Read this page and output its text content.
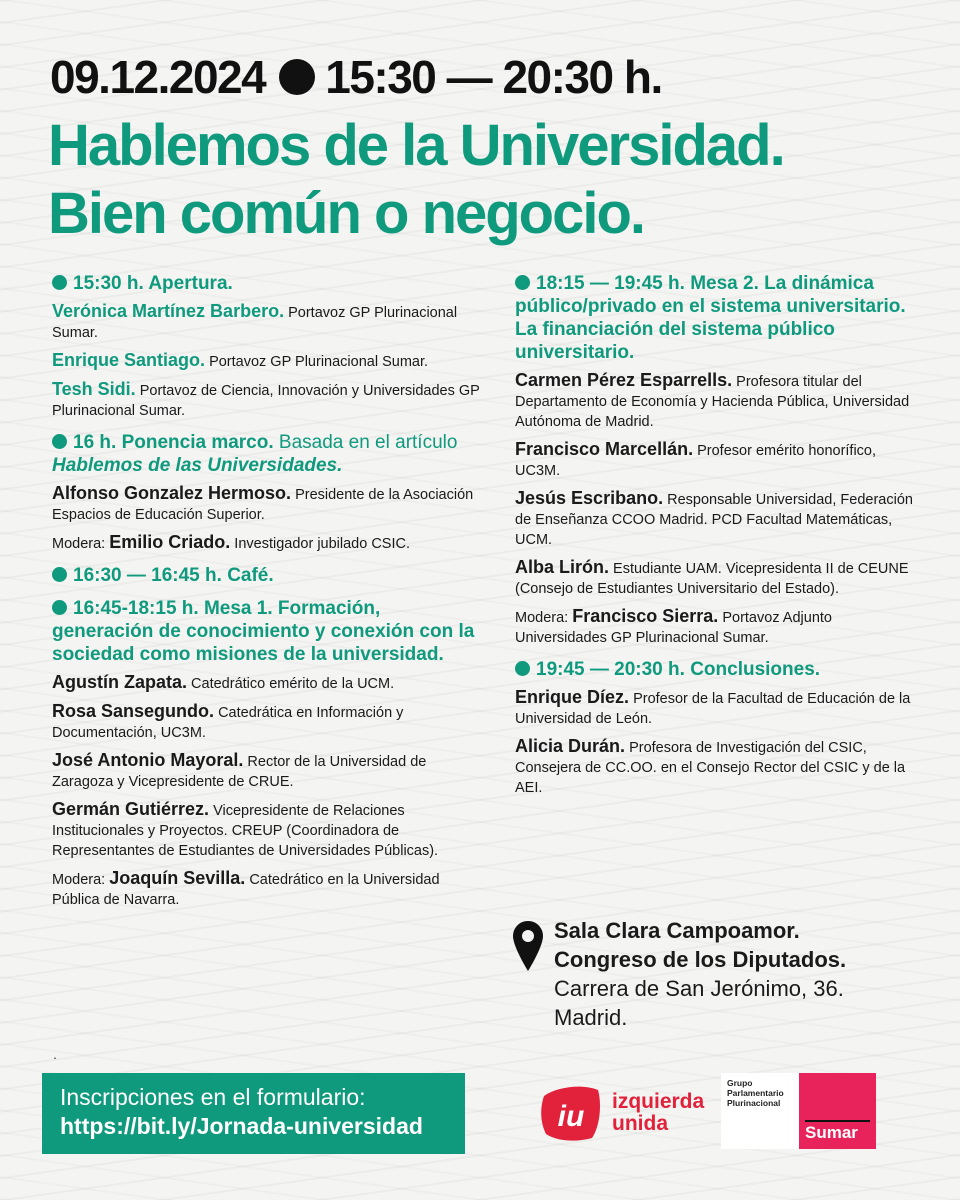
09.12.2024 15:30 — 20:30 h.
Hablemos de la Universidad.
Bien común o negocio.
15:30 h. Apertura.

Verónica Martínez Barbero. Portavoz GP Plurinacional Sumar.

Enrique Santiago. Portavoz GP Plurinacional Sumar.

Tesh Sidi. Portavoz de Ciencia, Innovación y Universidades GP Plurinacional Sumar.

16 h. Ponencia marco. Basada en el artículo Hablemos de las Universidades.

Alfonso Gonzalez Hermoso. Presidente de la Asociación Espacios de Educación Superior.

Modera: Emilio Criado. Investigador jubilado CSIC.

16:30 — 16:45 h. Café.
16:45-18:15 h. Mesa 1. Formación, generación de conocimiento y conexión con la sociedad como misiones de la universidad.

Agustín Zapata. Catedrático emérito de la UCM.

Rosa Sansegundo. Catedrática en Información y Documentación, UC3M.

José Antonio Mayoral. Rector de la Universidad de Zaragoza y Vicepresidente de CRUE.

Germán Gutiérrez. Vicepresidente de Relaciones Institucionales y Proyectos. CREUP (Coordinadora de Representantes de Estudiantes de Universidades Públicas).

Modera: Joaquín Sevilla. Catedrático en la Universidad Pública de Navarra.

.
18:15 — 19:45 h. Mesa 2. La dinámica público/privado en el sistema universitario. La financiación del sistema público universitario.

Carmen Pérez Esparrells. Profesora titular del Departamento de Economía y Hacienda Pública, Universidad Autónoma de Madrid.

Francisco Marcellán. Profesor emérito honorífico, UC3M.

Jesús Escribano. Responsable Universidad, Federación de Enseñanza CCOO Madrid. PCD Facultad Matemáticas, UCM.

Alba Lirón. Estudiante UAM. Vicepresidenta II de CEUNE (Consejo de Estudiantes Universitario del Estado).

Modera: Francisco Sierra. Portavoz Adjunto Universidades GP Plurinacional Sumar.

19:45 — 20:30 h. Conclusiones.

Enrique Díez. Profesor de la Facultad de Educación de la Universidad de León.

Alicia Durán. Profesora de Investigación del CSIC, Consejera de CC.OO. en el Consejo Rector del CSIC y de la AEI.

Sala Clara Campoamor.
Congreso de los Diputados.
Carrera de San Jerónimo, 36.
Madrid.
Inscripciones en el formulario:
https://bit.ly/Jornada-universidad	iu izquierda
unida
Grupo
Parlamentario
Plurinacional
Sumar
